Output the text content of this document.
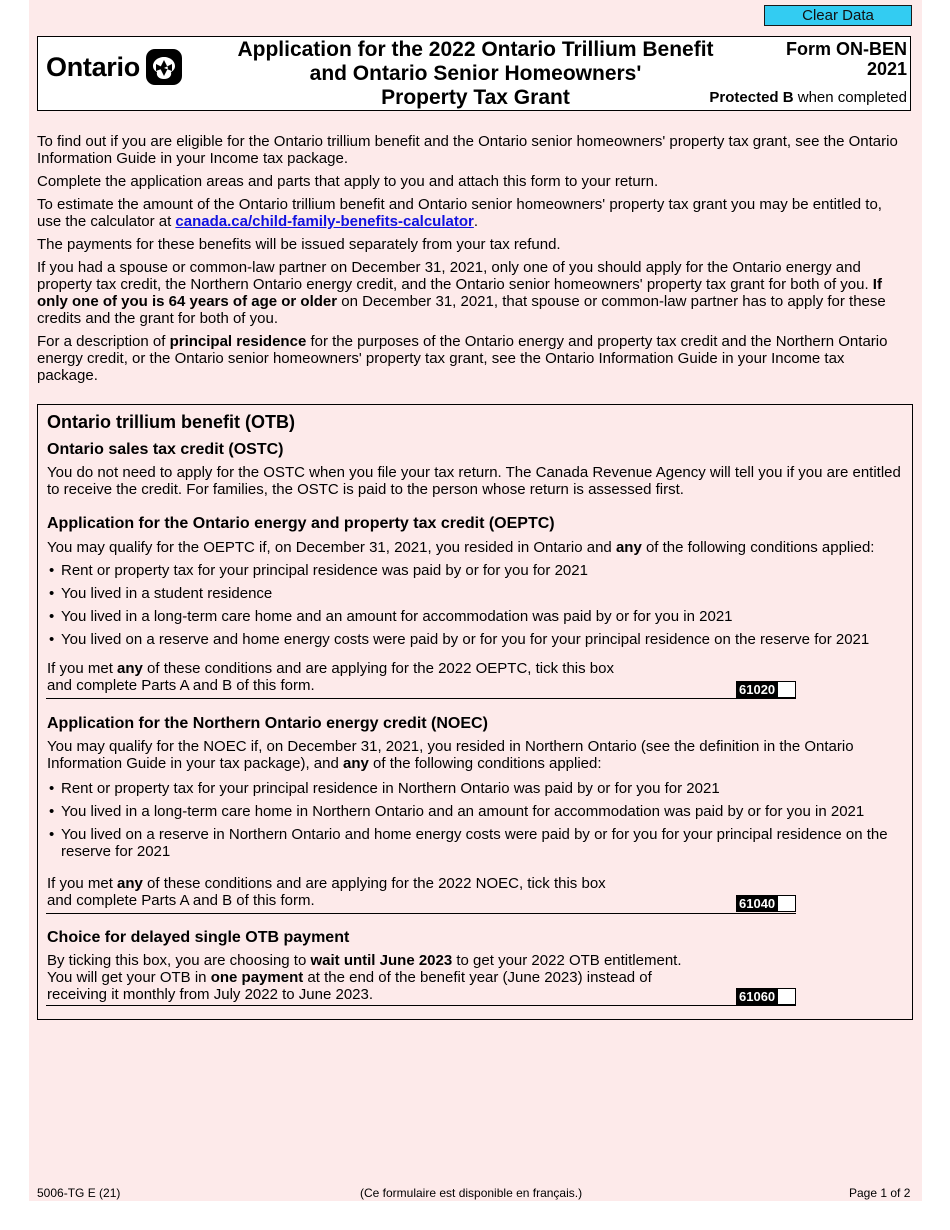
Clear Data
Ontario
Application for the 2022 Ontario Trillium Benefit
and Ontario Senior Homeowners'
Property Tax Grant
Form ON-BEN
2021
Protected B when completed

To find out if you are eligible for the Ontario trillium benefit and the Ontario senior homeowners' property tax grant, see the Ontario Information Guide in your Income tax package.

Complete the application areas and parts that apply to you and attach this form to your return.

To estimate the amount of the Ontario trillium benefit and Ontario senior homeowners' property tax grant you may be entitled to, use the calculator at canada.ca/child-family-benefits-calculator.

The payments for these benefits will be issued separately from your tax refund.

If you had a spouse or common-law partner on December 31, 2021, only one of you should apply for the Ontario energy and property tax credit, the Northern Ontario energy credit, and the Ontario senior homeowners' property tax grant for both of you. If only one of you is 64 years of age or older on December 31, 2021, that spouse or common-law partner has to apply for these credits and the grant for both of you.

For a description of principal residence for the purposes of the Ontario energy and property tax credit and the Northern Ontario energy credit, or the Ontario senior homeowners' property tax grant, see the Ontario Information Guide in your Income tax package.

Ontario trillium benefit (OTB)
Ontario sales tax credit (OSTC)
You do not need to apply for the OSTC when you file your tax return. The Canada Revenue Agency will tell you if you are entitled to receive the credit. For families, the OSTC is paid to the person whose return is assessed first.
Application for the Ontario energy and property tax credit (OEPTC)
You may qualify for the OEPTC if, on December 31, 2021, you resided in Ontario and any of the following conditions applied:
• Rent or property tax for your principal residence was paid by or for you for 2021
• You lived in a student residence
• You lived in a long-term care home and an amount for accommodation was paid by or for you in 2021
• You lived on a reserve and home energy costs were paid by or for you for your principal residence on the reserve for 2021
If you met any of these conditions and are applying for the 2022 OEPTC, tick this box
and complete Parts A and B of this form.	61020
Application for the Northern Ontario energy credit (NOEC)
You may qualify for the NOEC if, on December 31, 2021, you resided in Northern Ontario (see the definition in the Ontario Information Guide in your tax package), and any of the following conditions applied:
• Rent or property tax for your principal residence in Northern Ontario was paid by or for you for 2021
• You lived in a long-term care home in Northern Ontario and an amount for accommodation was paid by or for you in 2021
• You lived on a reserve in Northern Ontario and home energy costs were paid by or for you for your principal residence on the reserve for 2021
If you met any of these conditions and are applying for the 2022 NOEC, tick this box
and complete Parts A and B of this form.	61040
Choice for delayed single OTB payment
By ticking this box, you are choosing to wait until June 2023 to get your 2022 OTB entitlement.
You will get your OTB in one payment at the end of the benefit year (June 2023) instead of
receiving it monthly from July 2022 to June 2023.	61060
5006-TG E (21)	(Ce formulaire est disponible en français.)	Page 1 of 2
